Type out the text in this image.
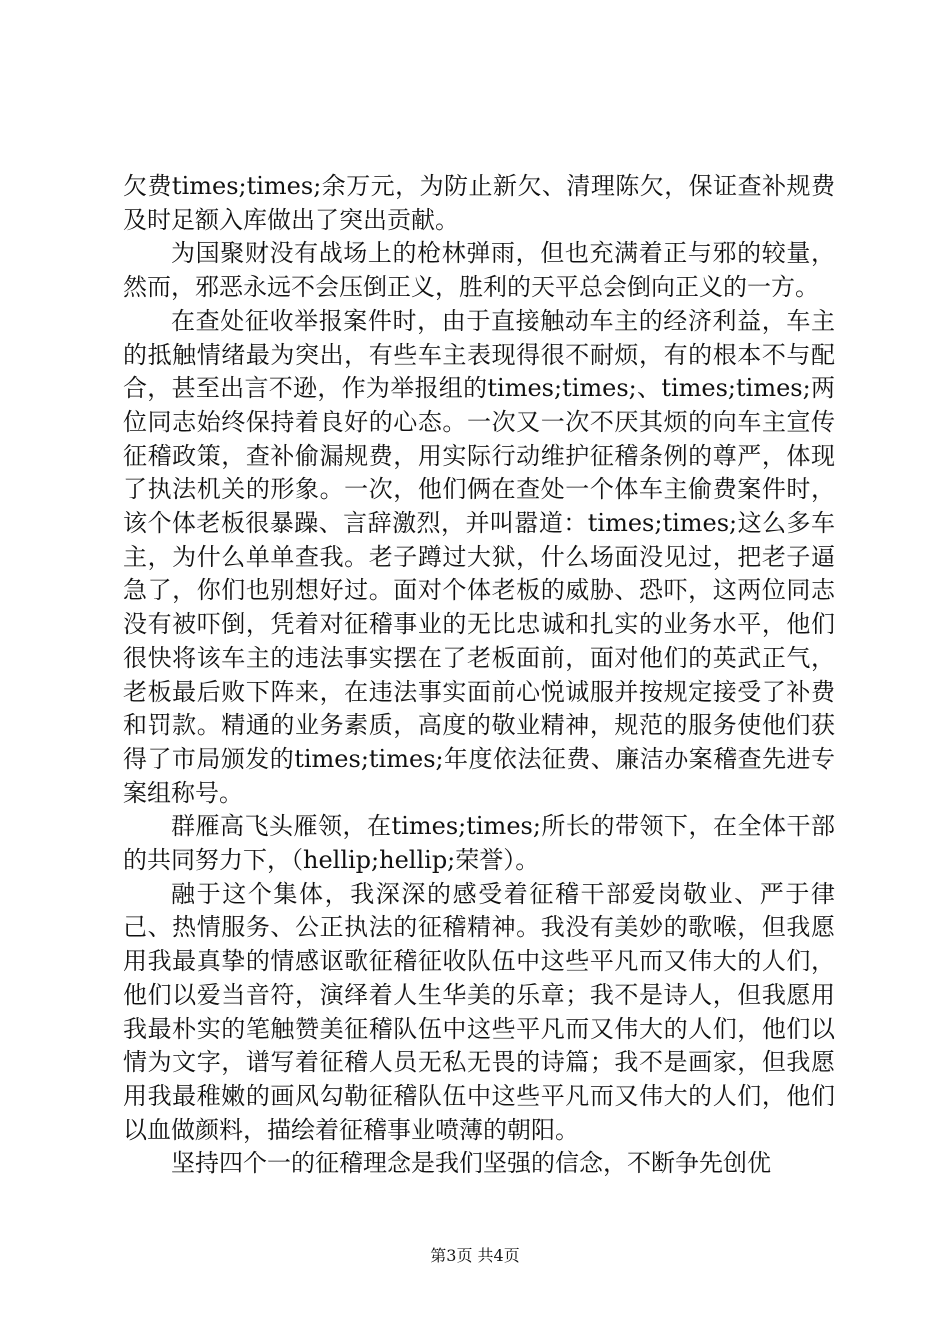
欠费times;times;余万元，为防止新欠、清理陈欠，保证查补规费及时足额入库做出了突出贡献。

为国聚财没有战场上的枪林弹雨，但也充满着正与邪的较量，然而，邪恶永远不会压倒正义，胜利的天平总会倒向正义的一方。

在查处征收举报案件时，由于直接触动车主的经济利益，车主的抵触情绪最为突出，有些车主表现得很不耐烦，有的根本不与配合，甚至出言不逊，作为举报组的times;times;、times;times;两位同志始终保持着良好的心态。一次又一次不厌其烦的向车主宣传征稽政策，查补偷漏规费，用实际行动维护征稽条例的尊严，体现了执法机关的形象。一次，他们俩在查处一个体车主偷费案件时，该个体老板很暴躁、言辞激烈，并叫嚣道：times;times;这么多车主，为什么单单查我。老子蹲过大狱，什么场面没见过，把老子逼急了，你们也别想好过。面对个体老板的威胁、恐吓，这两位同志没有被吓倒，凭着对征稽事业的无比忠诚和扎实的业务水平，他们很快将该车主的违法事实摆在了老板面前，面对他们的英武正气，老板最后败下阵来，在违法事实面前心悦诚服并按规定接受了补费和罚款。精通的业务素质，高度的敬业精神，规范的服务使他们获得了市局颁发的times;times;年度依法征费、廉洁办案稽查先进专案组称号。

群雁高飞头雁领，在times;times;所长的带领下，在全体干部的共同努力下，（hellip;hellip;荣誉）。

融于这个集体，我深深的感受着征稽干部爱岗敬业、严于律己、热情服务、公正执法的征稽精神。我没有美妙的歌喉，但我愿用我最真挚的情感讴歌征稽征收队伍中这些平凡而又伟大的人们，他们以爱当音符，演绎着人生华美的乐章；我不是诗人，但我愿用我最朴实的笔触赞美征稽队伍中这些平凡而又伟大的人们，他们以情为文字，谱写着征稽人员无私无畏的诗篇；我不是画家，但我愿用我最稚嫩的画风勾勒征稽队伍中这些平凡而又伟大的人们，他们以血做颜料，描绘着征稽事业喷薄的朝阳。

坚持四个一的征稽理念是我们坚强的信念，不断争先创优

第3页 共4页
